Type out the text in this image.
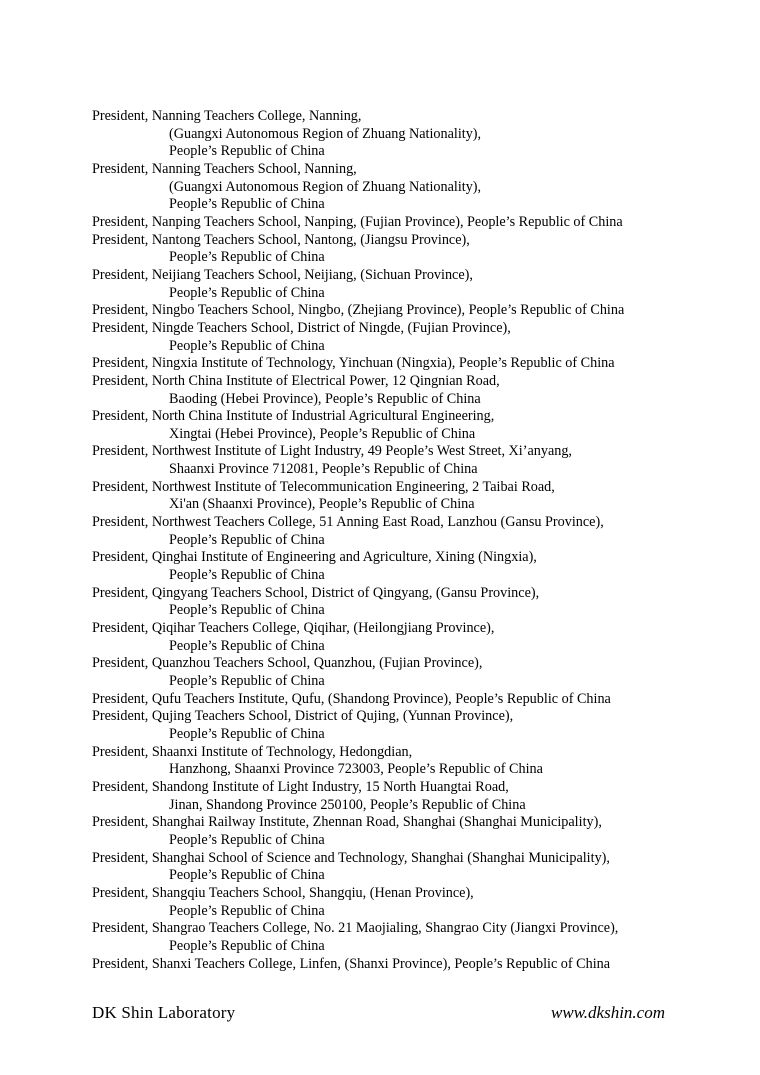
President, Nanning Teachers College, Nanning,
(Guangxi Autonomous Region of Zhuang Nationality),
People’s Republic of China
President, Nanning Teachers School, Nanning,
(Guangxi Autonomous Region of Zhuang Nationality),
People’s Republic of China
President, Nanping Teachers School, Nanping, (Fujian Province), People’s Republic of China
President, Nantong Teachers School, Nantong, (Jiangsu Province),
People’s Republic of China
President, Neijiang Teachers School, Neijiang, (Sichuan Province),
People’s Republic of China
President, Ningbo Teachers School, Ningbo, (Zhejiang Province), People’s Republic of China
President, Ningde Teachers School, District of Ningde, (Fujian Province),
People’s Republic of China
President, Ningxia Institute of Technology, Yinchuan (Ningxia), People’s Republic of China
President, North China Institute of Electrical Power, 12 Qingnian Road,
Baoding (Hebei Province), People’s Republic of China
President, North China Institute of Industrial Agricultural Engineering,
Xingtai (Hebei Province), People’s Republic of China
President, Northwest Institute of Light Industry, 49 People’s West Street, Xi’anyang,
Shaanxi Province 712081, People’s Republic of China
President, Northwest Institute of Telecommunication Engineering, 2 Taibai Road,
Xi'an (Shaanxi Province), People’s Republic of China
President, Northwest Teachers College, 51 Anning East Road, Lanzhou (Gansu Province),
People’s Republic of China
President, Qinghai Institute of Engineering and Agriculture, Xining (Ningxia),
People’s Republic of China
President, Qingyang Teachers School, District of Qingyang, (Gansu Province),
People’s Republic of China
President, Qiqihar Teachers College, Qiqihar, (Heilongjiang Province),
People’s Republic of China
President, Quanzhou Teachers School, Quanzhou, (Fujian Province),
People’s Republic of China
President, Qufu Teachers Institute, Qufu, (Shandong Province), People’s Republic of China
President, Qujing Teachers School, District of Qujing, (Yunnan Province),
People’s Republic of China
President, Shaanxi Institute of Technology, Hedongdian,
Hanzhong, Shaanxi Province 723003, People’s Republic of China
President, Shandong Institute of Light Industry, 15 North Huangtai Road,
Jinan, Shandong Province 250100, People’s Republic of China
President, Shanghai Railway Institute, Zhennan Road, Shanghai (Shanghai Municipality),
People’s Republic of China
President, Shanghai School of Science and Technology, Shanghai (Shanghai Municipality),
People’s Republic of China
President, Shangqiu Teachers School, Shangqiu, (Henan Province),
People’s Republic of China
President, Shangrao Teachers College, No. 21 Maojialing, Shangrao City (Jiangxi Province),
People’s Republic of China
President, Shanxi Teachers College, Linfen, (Shanxi Province), People’s Republic of China
DK Shin Laboratory	www.dkshin.com
